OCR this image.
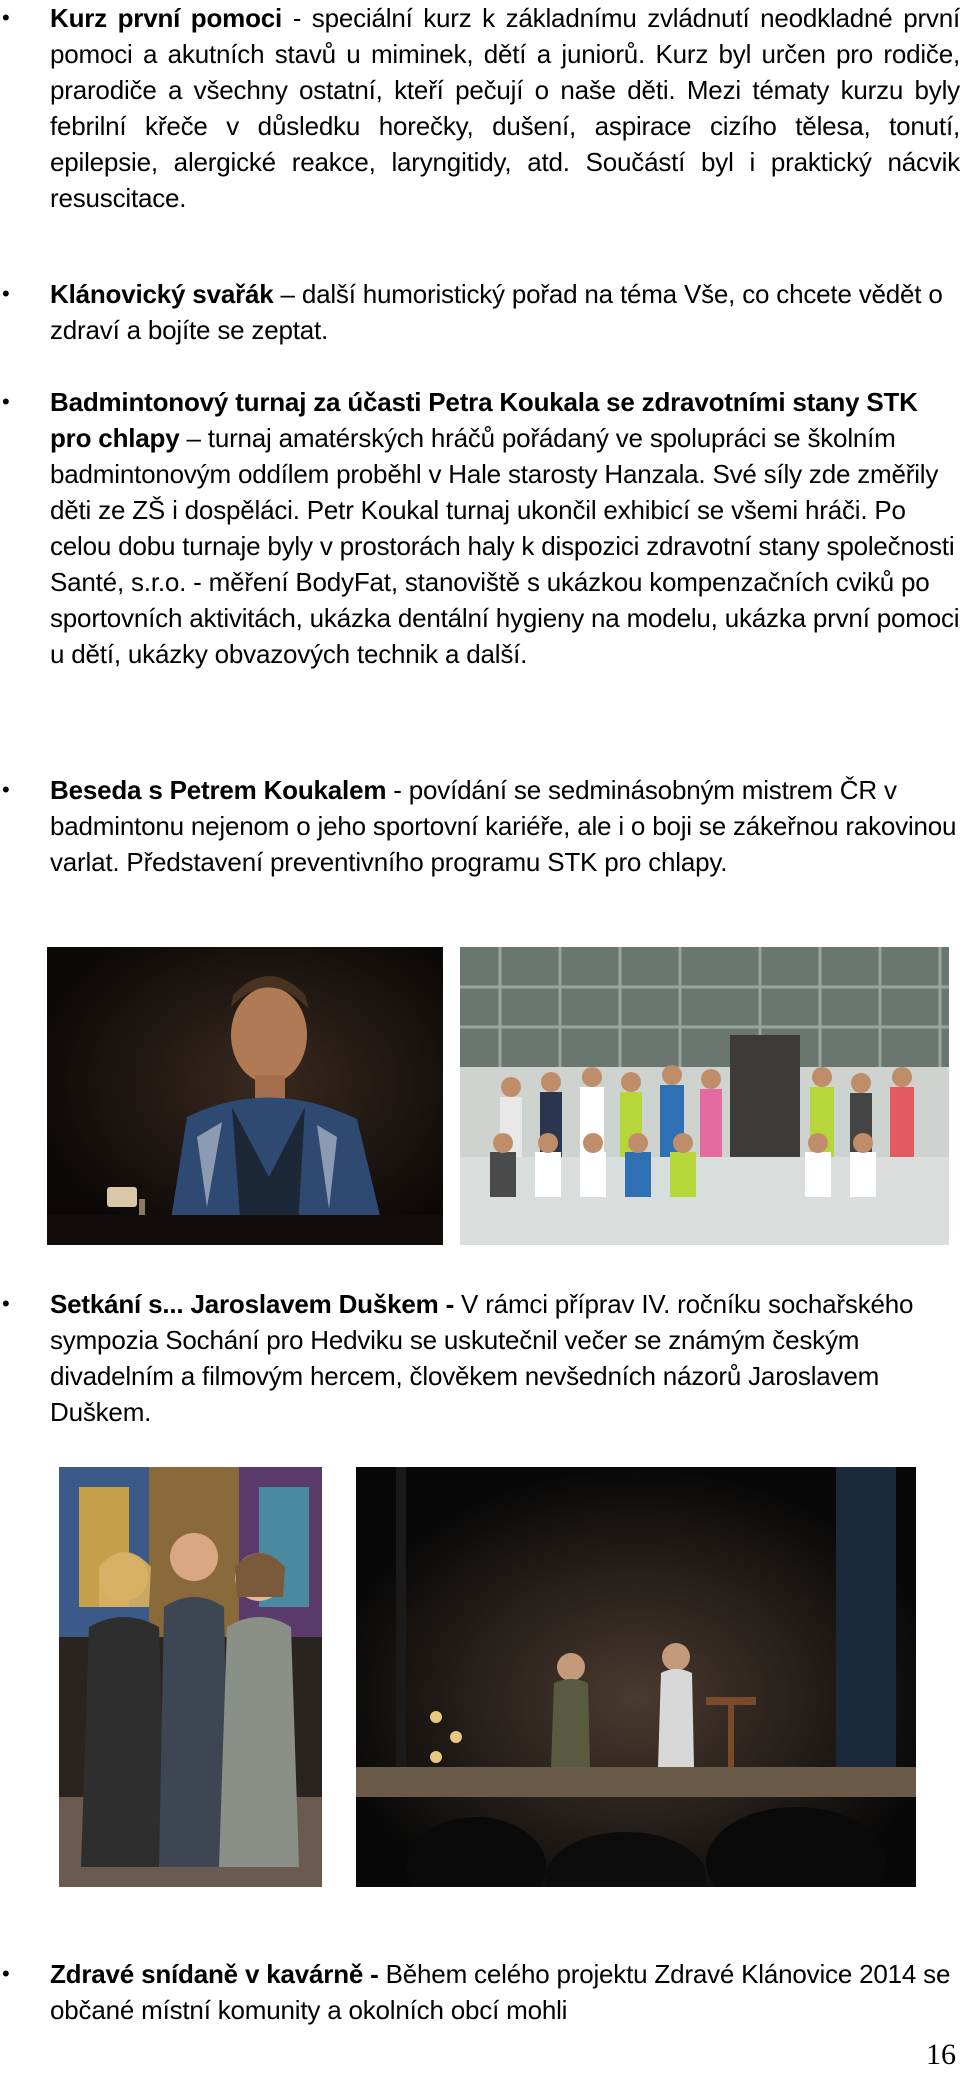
• Kurz první pomoci - speciální kurz k základnímu zvládnutí neodkladné první pomoci a akutních stavů u miminek, dětí a juniorů. Kurz byl určen pro rodiče, prarodiče a všechny ostatní, kteří pečují o naše děti. Mezi tématy kurzu byly febrilní křeče v důsledku horečky, dušení, aspirace cizího tělesa, tonutí, epilepsie, alergické reakce, laryngitidy, atd. Součástí byl i praktický nácvik resuscitace.
• Klánovický svařák – další humoristický pořad na téma Vše, co chcete vědět o zdraví a bojíte se zeptat.
• Badmintonový turnaj za účasti Petra Koukala se zdravotními stany STK pro chlapy – turnaj amatérských hráčů pořádaný ve spolupráci se školním badmintonovým oddílem proběhl v Hale starosty Hanzala. Své síly zde změřily děti ze ZŠ i dospěláci. Petr Koukal turnaj ukončil exhibicí se všemi hráči. Po celou dobu turnaje byly v prostorách haly k dispozici zdravotní stany společnosti Santé, s.r.o. - měření BodyFat, stanoviště s ukázkou kompenzačních cviků po sportovních aktivitách, ukázka dentální hygieny na modelu, ukázka první pomoci u dětí, ukázky obvazových technik a další.
• Beseda s Petrem Koukalem - povídání se sedminásobným mistrem ČR v badmintonu nejenom o jeho sportovní kariéře, ale i o boji se zákeřnou rakovinou varlat. Představení preventivního programu STK pro chlapy.
• Setkání s... Jaroslavem Duškem - V rámci příprav IV. ročníku sochařského sympozia Sochání pro Hedviku se uskutečnil večer se známým českým divadelním a filmovým hercem, člověkem nevšedních názorů Jaroslavem Duškem.
• Zdravé snídaně v kavárně - Během celého projektu Zdravé Klánovice 2014 se občané místní komunity a okolních obcí mohli
16
